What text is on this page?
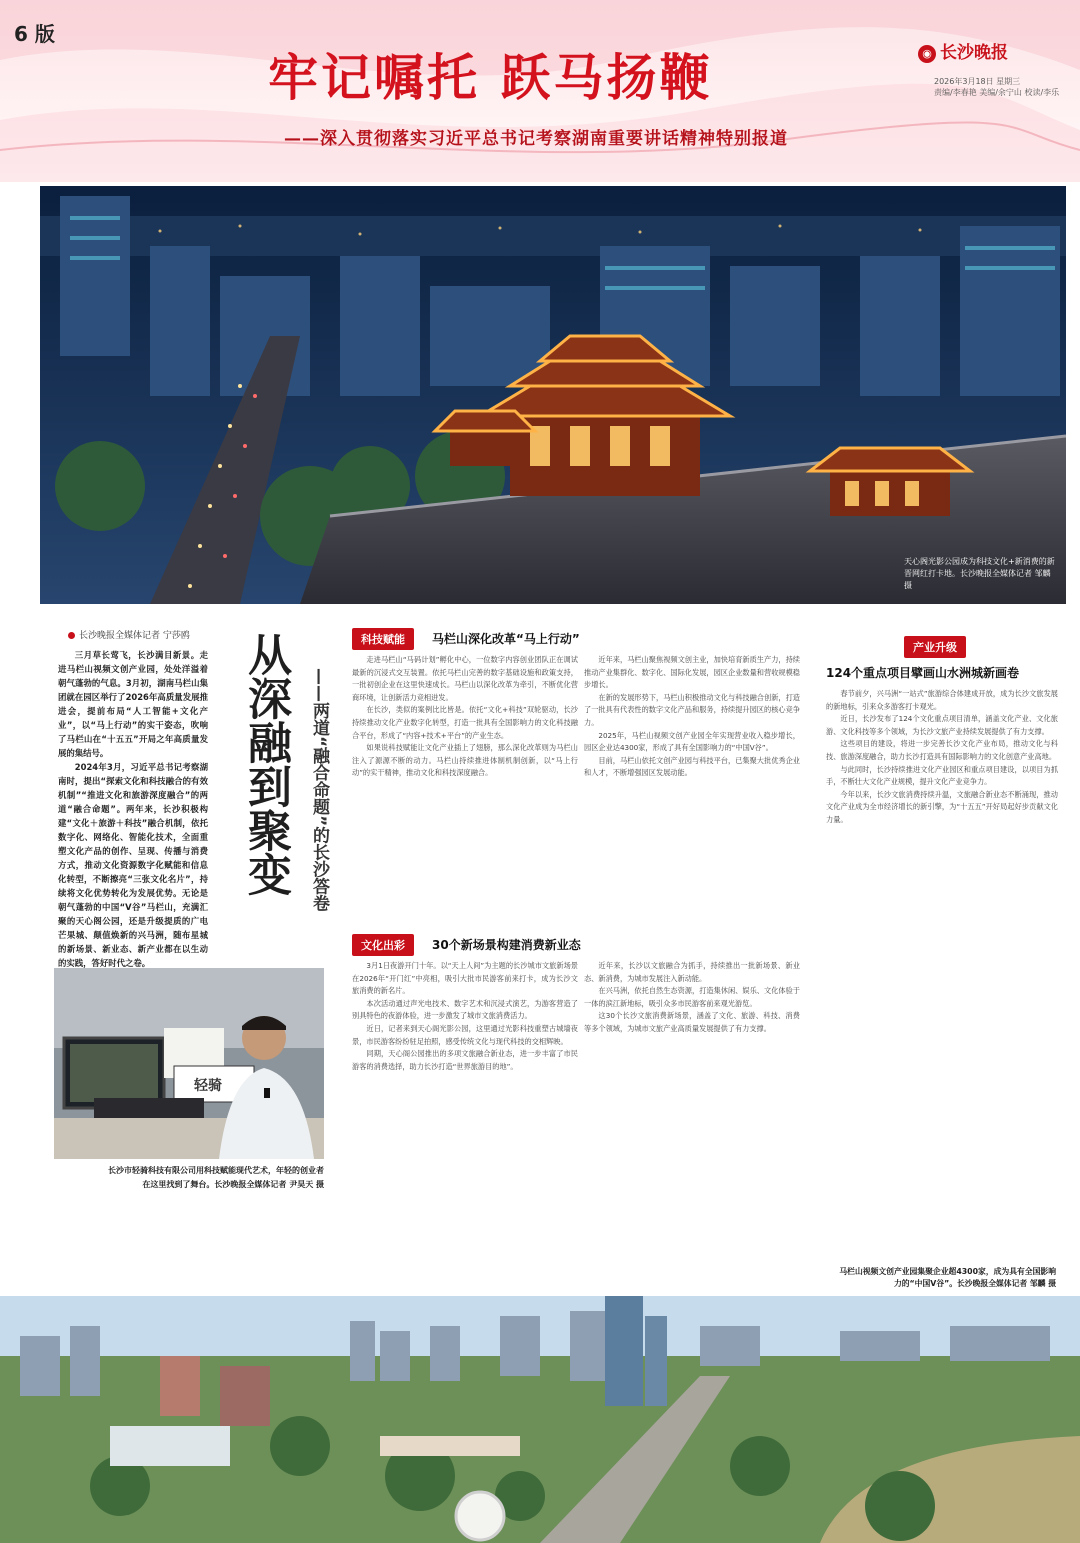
6 版
牢记嘱托 跃马扬鞭
——深入贯彻落实习近平总书记考察湖南重要讲话精神特别报道
◉ 长沙晚报
2026年3月18日 星期三
责编/李春艳 美编/余宁山 校读/李乐
天心阁光影公园成为科技文化+新消费的新晋网红打卡地。长沙晚报全媒体记者 邹麟 摄
长沙晚报全媒体记者 宁莎鸥

三月草长莺飞，长沙满目新景。走进马栏山视频文创产业园，处处洋溢着朝气蓬勃的气息。3月初，湖南马栏山集团就在园区举行了2026年高质量发展推进会，提前布局“人工智能+文化产业”，以“马上行动”的实干姿态，吹响了马栏山在“十五五”开局之年高质量发展的集结号。

2024年3月，习近平总书记考察湖南时，提出“探索文化和科技融合的有效机制”“推进文化和旅游深度融合”的两道“融合命题”。两年来，长沙积极构建“文化＋旅游＋科技”融合机制，依托数字化、网络化、智能化技术，全面重塑文化产品的创作、呈现、传播与消费方式，推动文化资源数字化赋能和信息化转型，不断擦亮“三张文化名片”，持续将文化优势转化为发展优势。无论是朝气蓬勃的中国“V谷”马栏山，充满汇聚的天心阁公园，还是升级提质的广电芒果城、颠值焕新的兴马洲，随布星城的新场景、新业态、新产业都在以生动的实践，答好时代之卷。

从深融到聚变	——两道“融合命题”的长沙答卷
轻骑
长沙市轻骑科技有限公司用科技赋能现代艺术，年轻的创业者在这里找到了舞台。长沙晚报全媒体记者 尹昊天 摄
科技赋能	马栏山深化改革“马上行动”

走进马栏山“马码计划”孵化中心，一位数字内容创业团队正在调试最新的沉浸式交互装置。依托马栏山完善的数字基础设施和政策支持，一批初创企业在这里快速成长。马栏山以深化改革为牵引，不断优化营商环境，让创新活力竞相迸发。

在长沙，类似的案例比比皆是。依托“文化+科技”双轮驱动，长沙持续推动文化产业数字化转型，打造一批具有全国影响力的文化科技融合平台，形成了“内容+技术+平台”的产业生态。

如果说科技赋能让文化产业插上了翅膀，那么深化改革则为马栏山注入了源源不断的动力。马栏山持续推进体制机制创新，以“马上行动”的实干精神，推动文化和科技深度融合。

近年来，马栏山聚焦视频文创主业，加快培育新质生产力，持续推动产业集群化、数字化、国际化发展，园区企业数量和营收规模稳步增长。

在新的发展形势下，马栏山积极推动文化与科技融合创新，打造了一批具有代表性的数字文化产品和服务，持续提升园区的核心竞争力。

2025年，马栏山视频文创产业园全年实现营业收入稳步增长，园区企业达4300家，形成了具有全国影响力的“中国V谷”。

目前，马栏山依托文创产业园与科技平台，已集聚大批优秀企业和人才，不断增强园区发展动能。

文化出彩	30个新场景构建消费新业态

3月1日夜游开门十年。以“天上人间”为主题的长沙城市文旅新场景在2026年“开门红”中亮相，吸引大批市民游客前来打卡，成为长沙文旅消费的新名片。

本次活动通过声光电技术、数字艺术和沉浸式演艺，为游客营造了别具特色的夜游体验，进一步激发了城市文旅消费活力。

近日，记者来到天心阁光影公园，这里通过光影科技重塑古城墙夜景，市民游客纷纷驻足拍照，感受传统文化与现代科技的交相辉映。

同期，天心阁公园推出的多项文旅融合新业态，进一步丰富了市民游客的消费选择，助力长沙打造“世界旅游目的地”。

近年来，长沙以文旅融合为抓手，持续推出一批新场景、新业态、新消费，为城市发展注入新动能。

在兴马洲，依托自然生态资源，打造集休闲、娱乐、文化体验于一体的滨江新地标，吸引众多市民游客前来观光游览。

这30个长沙文旅消费新场景，涵盖了文化、旅游、科技、消费等多个领域，为城市文旅产业高质量发展提供了有力支撑。

产业升级
124个重点项目擘画山水洲城新画卷

春节前夕，兴马洲“一站式”旅游综合体建成开放，成为长沙文旅发展的新地标，引来众多游客打卡观光。

近日，长沙发布了124个文化重点项目清单，涵盖文化产业、文化旅游、文化科技等多个领域，为长沙文旅产业持续发展提供了有力支撑。

这些项目的建设，将进一步完善长沙文化产业布局，推动文化与科技、旅游深度融合，助力长沙打造具有国际影响力的文化创意产业高地。

与此同时，长沙持续推进文化产业园区和重点项目建设，以项目为抓手，不断壮大文化产业规模，提升文化产业竞争力。

今年以来，长沙文旅消费持续升温，文旅融合新业态不断涌现，推动文化产业成为全市经济增长的新引擎，为“十五五”开好局起好步贡献文化力量。

马栏山视频文创产业园集聚企业超4300家，成为具有全国影响力的“中国V谷”。长沙晚报全媒体记者 邹麟 摄
